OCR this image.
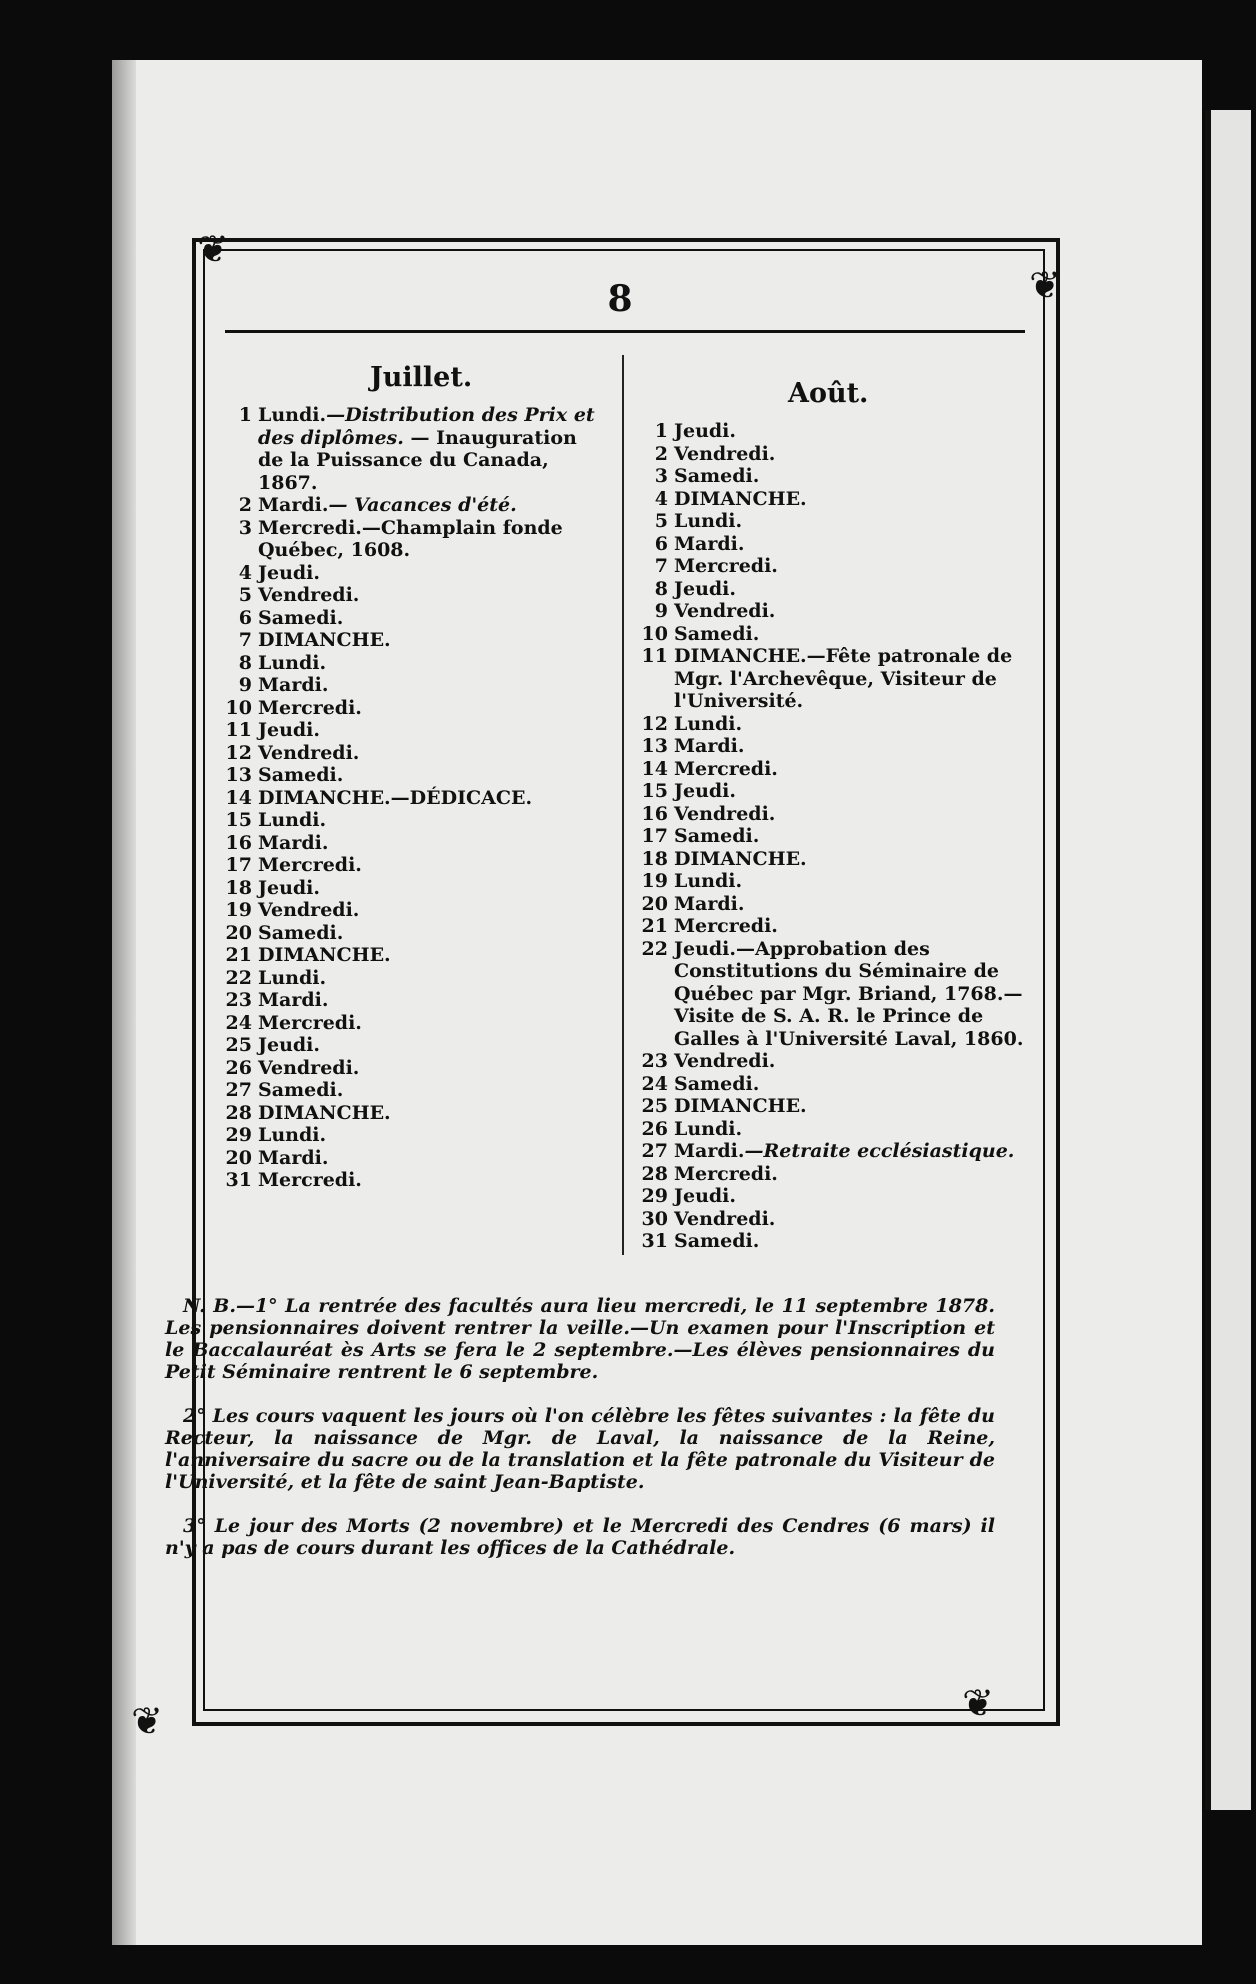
❦
❦
❦	❦
8
Juillet.
Août.
1 Lundi.—Distribution des Prix et des diplômes. — Inauguration de la Puissance du Canada, 1867.
2 Mardi.— Vacances d'été.
3 Mercredi.—Champlain fonde Québec, 1608.
4 Jeudi.
5 Vendredi.
6 Samedi.
7 DIMANCHE.
8 Lundi.
9 Mardi.
10 Mercredi.
11 Jeudi.
12 Vendredi.
13 Samedi.
14 DIMANCHE.—DÉDICACE.
15 Lundi.
16 Mardi.
17 Mercredi.
18 Jeudi.
19 Vendredi.
20 Samedi.
21 DIMANCHE.
22 Lundi.
23 Mardi.
24 Mercredi.
25 Jeudi.
26 Vendredi.
27 Samedi.
28 DIMANCHE.
29 Lundi.
20 Mardi.
31 Mercredi.
1 Jeudi.
2 Vendredi.
3 Samedi.
4 DIMANCHE.
5 Lundi.
6 Mardi.
7 Mercredi.
8 Jeudi.
9 Vendredi.
10 Samedi.
11 DIMANCHE.—Fête patronale de Mgr. l'Archevêque, Visiteur de l'Université.
12 Lundi.
13 Mardi.
14 Mercredi.
15 Jeudi.
16 Vendredi.
17 Samedi.
18 DIMANCHE.
19 Lundi.
20 Mardi.
21 Mercredi.
22 Jeudi.—Approbation des Constitutions du Séminaire de Québec par Mgr. Briand, 1768.—Visite de S. A. R. le Prince de Galles à l'Université Laval, 1860.
23 Vendredi.
24 Samedi.
25 DIMANCHE.
26 Lundi.
27 Mardi.—Retraite ecclésiastique.
28 Mercredi.
29 Jeudi.
30 Vendredi.
31 Samedi.

N. B.—1° La rentrée des facultés aura lieu mercredi, le 11 septembre 1878. Les pensionnaires doivent rentrer la veille.—Un examen pour l'Inscription et le Baccalauréat ès Arts se fera le 2 septembre.—Les élèves pensionnaires du Petit Séminaire rentrent le 6 septembre.

2° Les cours vaquent les jours où l'on célèbre les fêtes suivantes : la fête du Recteur, la naissance de Mgr. de Laval, la naissance de la Reine, l'anniversaire du sacre ou de la translation et la fête patronale du Visiteur de l'Université, et la fête de saint Jean-Baptiste.

3° Le jour des Morts (2 novembre) et le Mercredi des Cendres (6 mars) il n'y a pas de cours durant les offices de la Cathédrale.
